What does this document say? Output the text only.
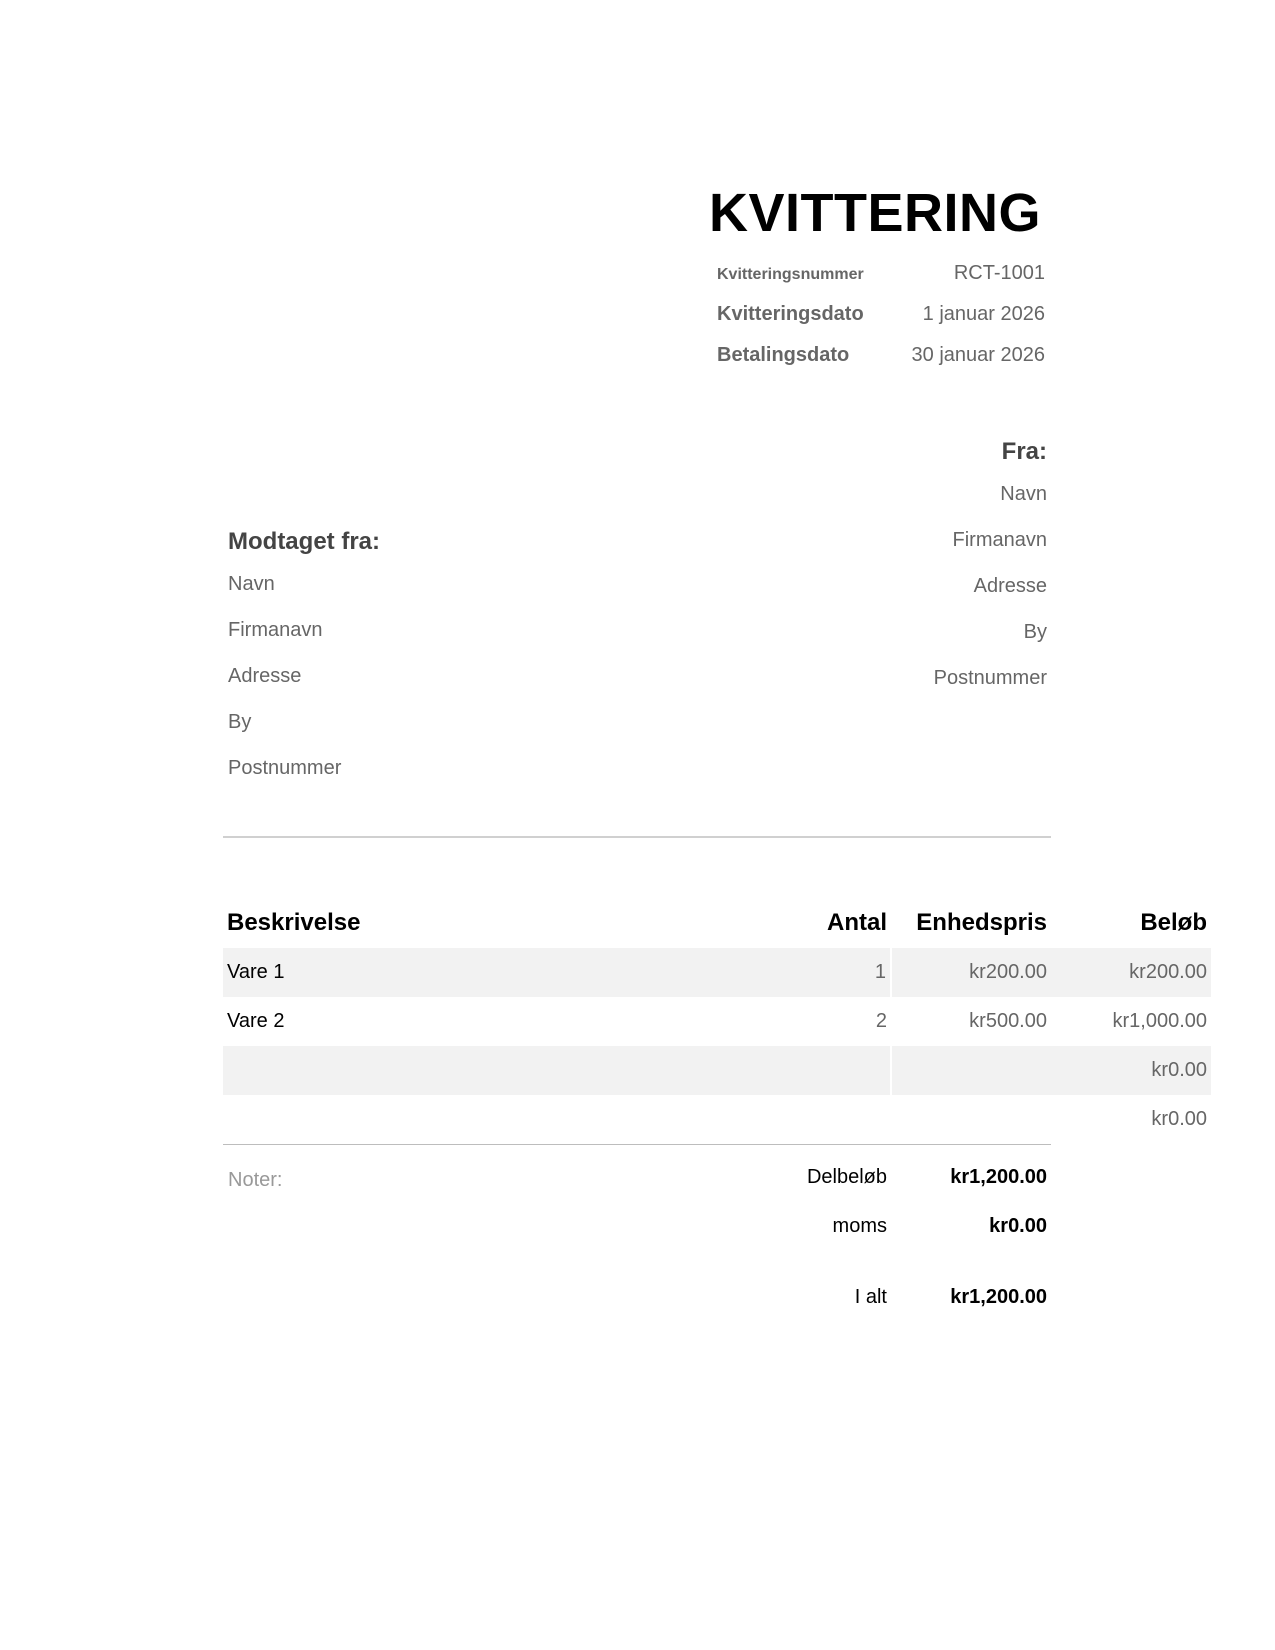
KVITTERING
Kvitteringsnummer	RCT-1001
Kvitteringsdato	1 januar 2026
Betalingsdato	30 januar 2026
Fra:
Navn
Firmanavn
Adresse
By
Postnummer
Modtaget fra:
Navn
Firmanavn
Adresse
By
Postnummer
Beskrivelse	Antal	Enhedspris	Beløb
Vare 1	1	kr200.00	kr200.00
Vare 2	2	kr500.00	kr1,000.00
			kr0.00
			kr0.00
Noter:	Delbeløb	kr1,200.00
moms	kr0.00
I alt	kr1,200.00
